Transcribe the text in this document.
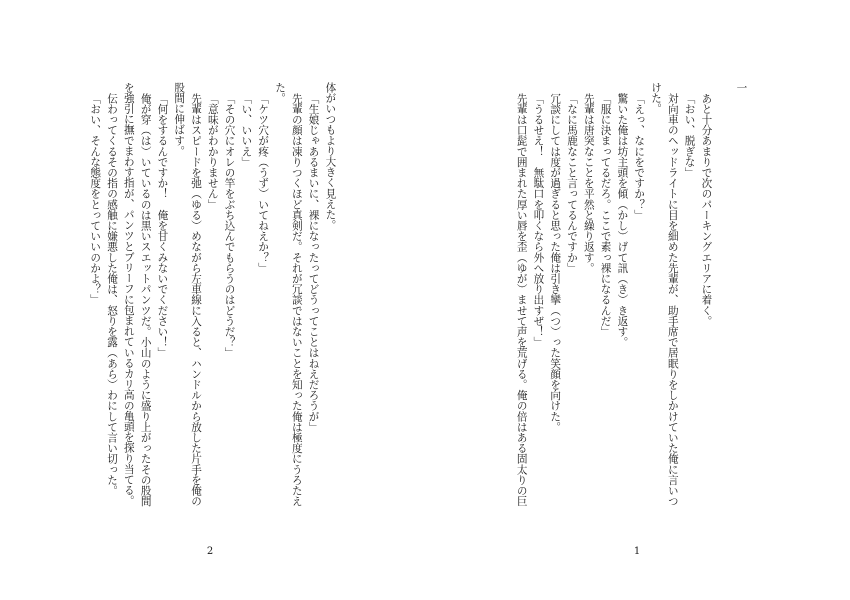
一
あと十分あまりで次のパーキングエリアに着く。
「おい、脱ぎな」
対向車のヘッドライトに目を細めた先輩が、助手席で居眠りをしかけていた俺に言いつ
けた。
「えっ、なにをですか？」
驚いた俺は坊主頭を傾（かし）げて訊（き）き返す。
「服に決まってるだろ。ここで素っ裸になるんだ」
先輩は唐突なことを平然と繰り返す。
「なに馬鹿なこと言ってるんですか」
冗談にしては度が過ぎると思った俺は引き攣（つ）った笑顔を向けた。
「うるせえ！　無駄口を叩くなら外へ放り出すぜ！」
先輩は口髭で囲まれた厚い唇を歪（ゆが）ませて声を荒げる。俺の倍はある固太りの巨
1
体がいつもより大きく見えた。
「生娘じゃあるまいに、裸になったってどうってことはねえだろうが」
先輩の顔は凍りつくほど真剣だ。それが冗談ではないことを知った俺は極度にうろたえ
た。
「ケツ穴が疼（うず）いてねえか？」
「い、いいえ」
「その穴にオレの竿をぶち込んでもらうのはどうだ？」
「意味がわかりません」
先輩はスピードを弛（ゆる）めながら左車線に入ると、ハンドルから放した片手を俺の
股間に伸ばす。
「何をするんですか！　俺を甘くみないでください！」
俺が穿（は）いているのは黒いスエットパンツだ。小山のように盛り上がったその股間
を強引に撫でまわす指が、パンツとブリーフに包まれているカリ高の亀頭を探り当てる。
伝わってくるその指の感触に嫌悪した俺は、怒りを露（あら）わにして言い切った。
「おい、そんな態度をとっていいのかよ？」
2
